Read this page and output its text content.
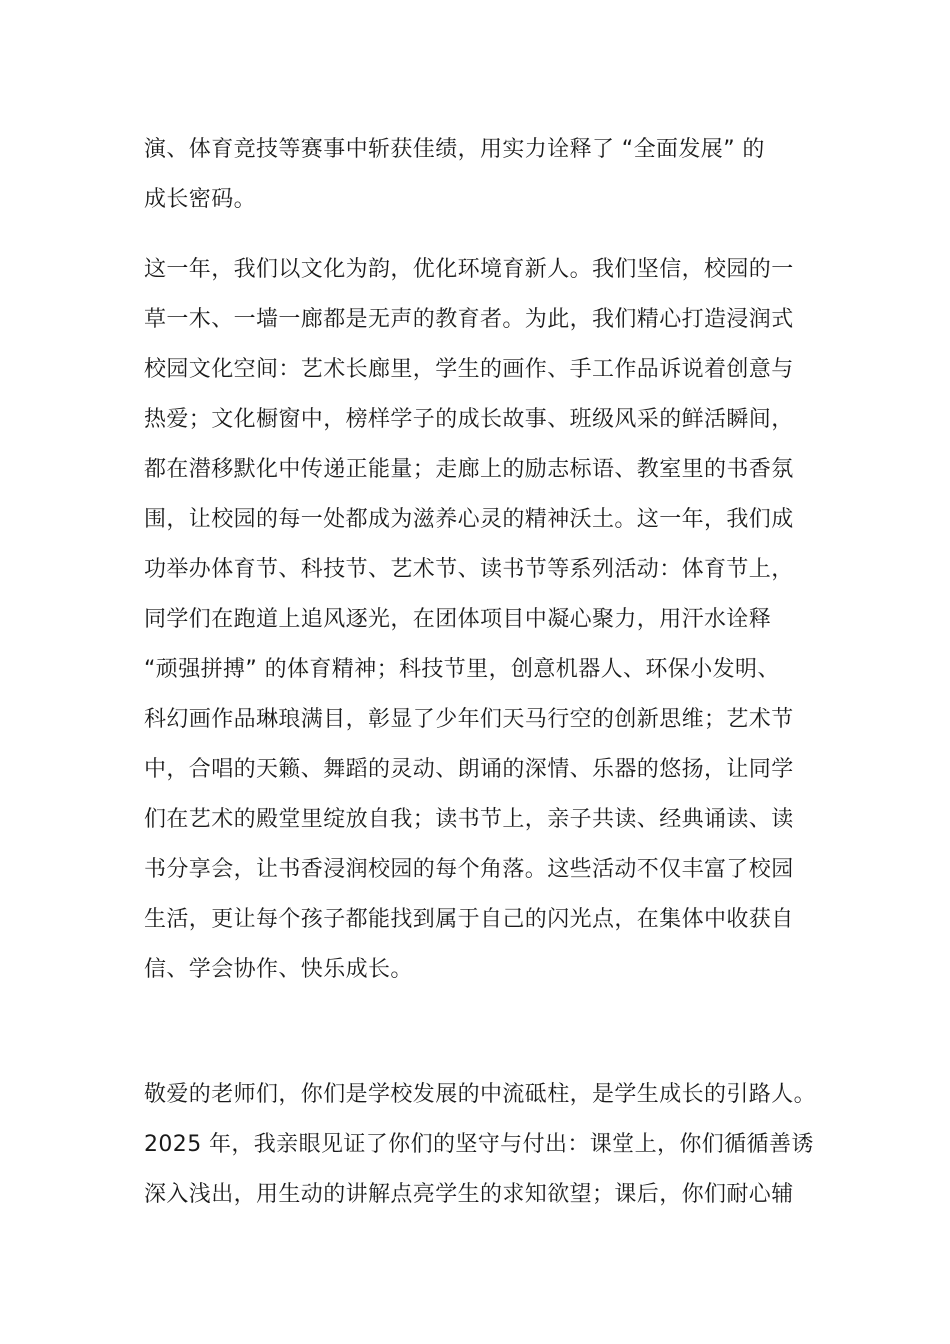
演、体育竞技等赛事中斩获佳绩，用实力诠释了 “全面发展” 的
成长密码。
这一年，我们以文化为韵，优化环境育新人。我们坚信，校园的一
草一木、一墙一廊都是无声的教育者。为此，我们精心打造浸润式
校园文化空间：艺术长廊里，学生的画作、手工作品诉说着创意与
热爱；文化橱窗中，榜样学子的成长故事、班级风采的鲜活瞬间，
都在潜移默化中传递正能量；走廊上的励志标语、教室里的书香氛
围，让校园的每一处都成为滋养心灵的精神沃土。这一年，我们成
功举办体育节、科技节、艺术节、读书节等系列活动：体育节上，
同学们在跑道上追风逐光，在团体项目中凝心聚力，用汗水诠释
“顽强拼搏” 的体育精神；科技节里，创意机器人、环保小发明、
科幻画作品琳琅满目，彰显了少年们天马行空的创新思维；艺术节
中，合唱的天籁、舞蹈的灵动、朗诵的深情、乐器的悠扬，让同学
们在艺术的殿堂里绽放自我；读书节上，亲子共读、经典诵读、读
书分享会，让书香浸润校园的每个角落。这些活动不仅丰富了校园
生活，更让每个孩子都能找到属于自己的闪光点，在集体中收获自
信、学会协作、快乐成长。
敬爱的老师们，你们是学校发展的中流砥柱，是学生成长的引路人。
2025 年，我亲眼见证了你们的坚守与付出：课堂上，你们循循善诱
深入浅出，用生动的讲解点亮学生的求知欲望；课后，你们耐心辅
